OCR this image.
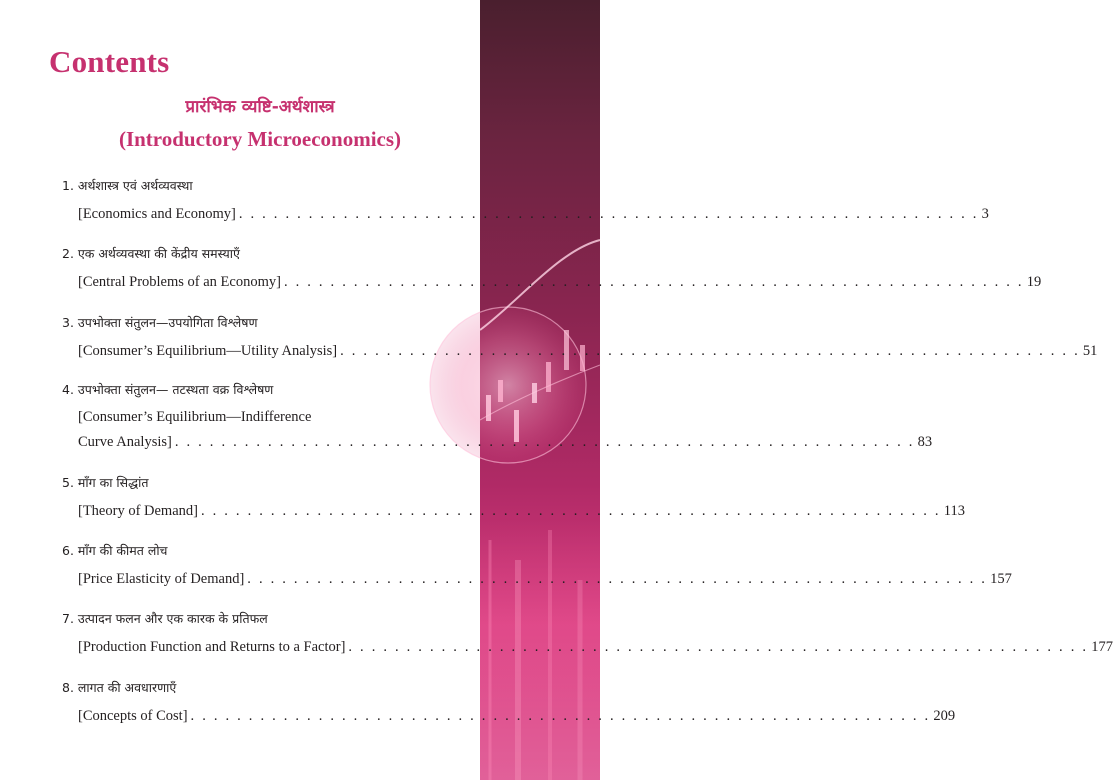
Contents
प्रारंभिक व्यष्टि-अर्थशास्त्र
(Introductory Microeconomics)
1. अर्थशास्त्र एवं अर्थव्यवस्था
[Economics and Economy] . . . . . . . . . . . . . . . . . . . . . . . . . . . . . . . . . . . . . . . . . . . . . . . . . . . . . . . . . . . . . . . . 3
2. एक अर्थव्यवस्था की केंद्रीय समस्याएँ
[Central Problems of an Economy] . . . . . . . . . . . . . . . . . . . . . . . . . . . . . . . . . . . . . . . . . . . . . . . . . . . . . . . . . . . . . . . . 19
3. उपभोक्ता संतुलन—उपयोगिता विश्लेषण
[Consumer’s Equilibrium—Utility Analysis] . . . . . . . . . . . . . . . . . . . . . . . . . . . . . . . . . . . . . . . . . . . . . . . . . . . . . . . . . . . . . . . . 51
4. उपभोक्ता संतुलन— तटस्थता वक्र विश्लेषण
[Consumer’s Equilibrium—Indifference
Curve Analysis] . . . . . . . . . . . . . . . . . . . . . . . . . . . . . . . . . . . . . . . . . . . . . . . . . . . . . . . . . . . . . . . . 83
5. माँग का सिद्धांत
[Theory of Demand] . . . . . . . . . . . . . . . . . . . . . . . . . . . . . . . . . . . . . . . . . . . . . . . . . . . . . . . . . . . . . . . . 113
6. माँग की कीमत लोच
[Price Elasticity of Demand] . . . . . . . . . . . . . . . . . . . . . . . . . . . . . . . . . . . . . . . . . . . . . . . . . . . . . . . . . . . . . . . . 157
7. उत्पादन फलन और एक कारक के प्रतिफल
[Production Function and Returns to a Factor] . . . . . . . . . . . . . . . . . . . . . . . . . . . . . . . . . . . . . . . . . . . . . . . . . . . . . . . . . . . . . . . . 177
8. लागत की अवधारणाएँ
[Concepts of Cost] . . . . . . . . . . . . . . . . . . . . . . . . . . . . . . . . . . . . . . . . . . . . . . . . . . . . . . . . . . . . . . . . 209
